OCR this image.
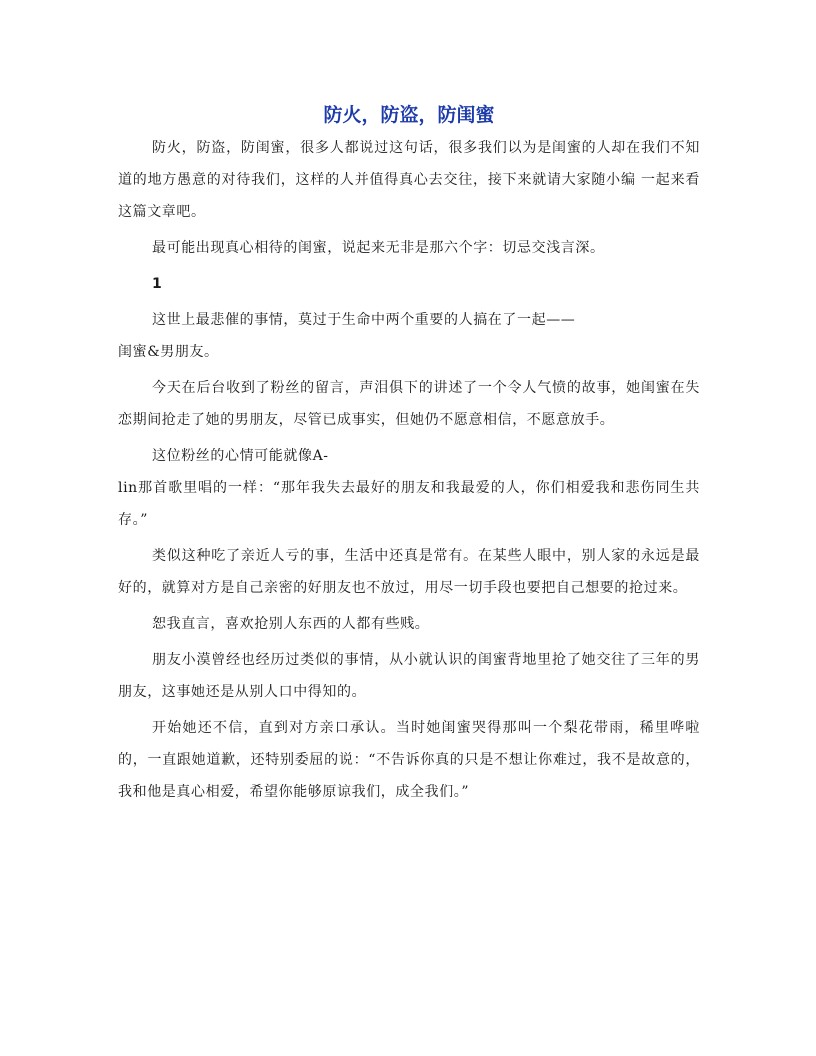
防火，防盗，防闺蜜

防火，防盗，防闺蜜，很多人都说过这句话，很多我们以为是闺蜜的人却在我们不知道的地方愚意的对待我们，这样的人并值得真心去交往，接下来就请大家随小编 一起来看这篇文章吧。

最可能出现真心相待的闺蜜，说起来无非是那六个字：切忌交浅言深。

1

这世上最悲催的事情，莫过于生命中两个重要的人搞在了一起——
闺蜜&男朋友。

今天在后台收到了粉丝的留言，声泪俱下的讲述了一个令人气愤的故事，她闺蜜在失恋期间抢走了她的男朋友，尽管已成事实，但她仍不愿意相信，不愿意放手。

这位粉丝的心情可能就像A-
lin那首歌里唱的一样：“那年我失去最好的朋友和我最爱的人，你们相爱我和悲伤同生共存。”

类似这种吃了亲近人亏的事，生活中还真是常有。在某些人眼中，别人家的永远是最好的，就算对方是自己亲密的好朋友也不放过，用尽一切手段也要把自己想要的抢过来。

恕我直言，喜欢抢别人东西的人都有些贱。

朋友小漠曾经也经历过类似的事情，从小就认识的闺蜜背地里抢了她交往了三年的男朋友，这事她还是从别人口中得知的。

开始她还不信，直到对方亲口承认。当时她闺蜜哭得那叫一个梨花带雨，稀里哗啦的，一直跟她道歉，还特别委屈的说：“不告诉你真的只是不想让你难过，我不是故意的，我和他是真心相爱，希望你能够原谅我们，成全我们。”
